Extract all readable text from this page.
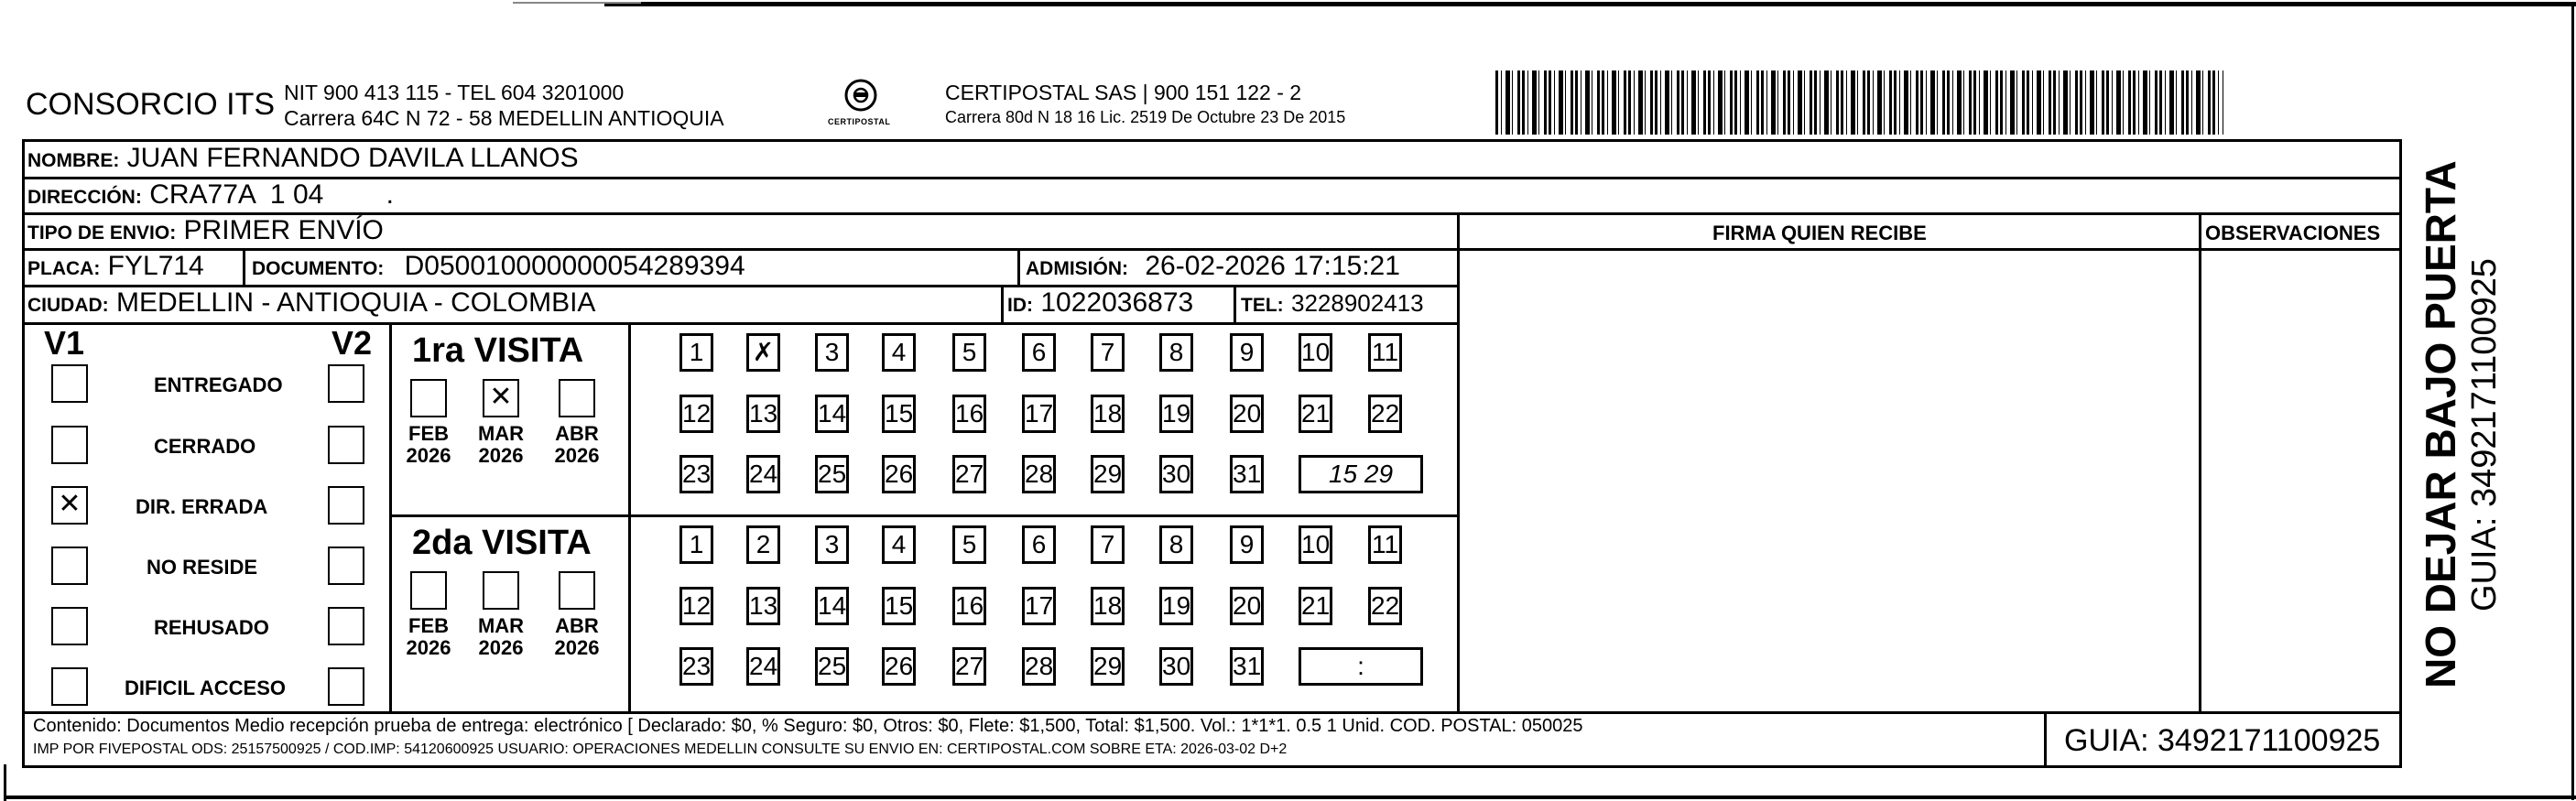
CONSORCIO ITS NIT 900 413 115 - TEL 604 3201000
Carrera 64C N 72 - 58 MEDELLIN ANTIOQUIA	CERTIPOSTAL
CERTIPOSTAL SAS | 900 151 122 - 2
Carrera 80d N 18 16 Lic. 2519 De Octubre 23 De 2015
NOMBRE: JUAN FERNANDO DAVILA LLANOS
DIRECCIÓN: CRA77A  1 04 .
TIPO DE ENVIO: PRIMER ENVÍO	FIRMA QUIEN RECIBE	OBSERVACIONES
PLACA: FYL714 DOCUMENTO: D050010000000054289394	ADMISIÓN: 26-02-2026 17:15:21
CIUDAD: MEDELLIN - ANTIOQUIA - COLOMBIA	ID: 1022036873 TEL: 3228902413
V1	V2
ENTREGADO
CERRADO
✕	DIR. ERRADA
NO RESIDE
REHUSADO
DIFICIL ACCESO
1ra VISITA
FEB
2026
✕
MAR
2026
ABR
2026
1	✗	3	4	5	6	7	8	9	10 11
12 13 14 15 16 17 18 19 20 21 22
23 24 25 26 27 28 29 30 31	15 29
2da VISITA
FEB
2026
MAR
2026
ABR
2026
1	2	3	4	5	6	7	8	9	10 11
12 13 14 15 16 17 18 19 20 21 22
23 24 25 26 27 28 29 30 31	:
Contenido: Documentos Medio recepción prueba de entrega: electrónico [ Declarado: $0, % Seguro: $0, Otros: $0, Flete: $1,500, Total: $1,500. Vol.: 1*1*1. 0.5 1 Unid. COD. POSTAL: 050025
IMP POR FIVEPOSTAL ODS: 25157500925 / COD.IMP: 54120600925 USUARIO: OPERACIONES MEDELLIN CONSULTE SU ENVIO EN: CERTIPOSTAL.COM SOBRE ETA: 2026-03-02 D+2	GUIA: 3492171100925
NO DEJAR BAJO PUERTA GUIA: 3492171100925
